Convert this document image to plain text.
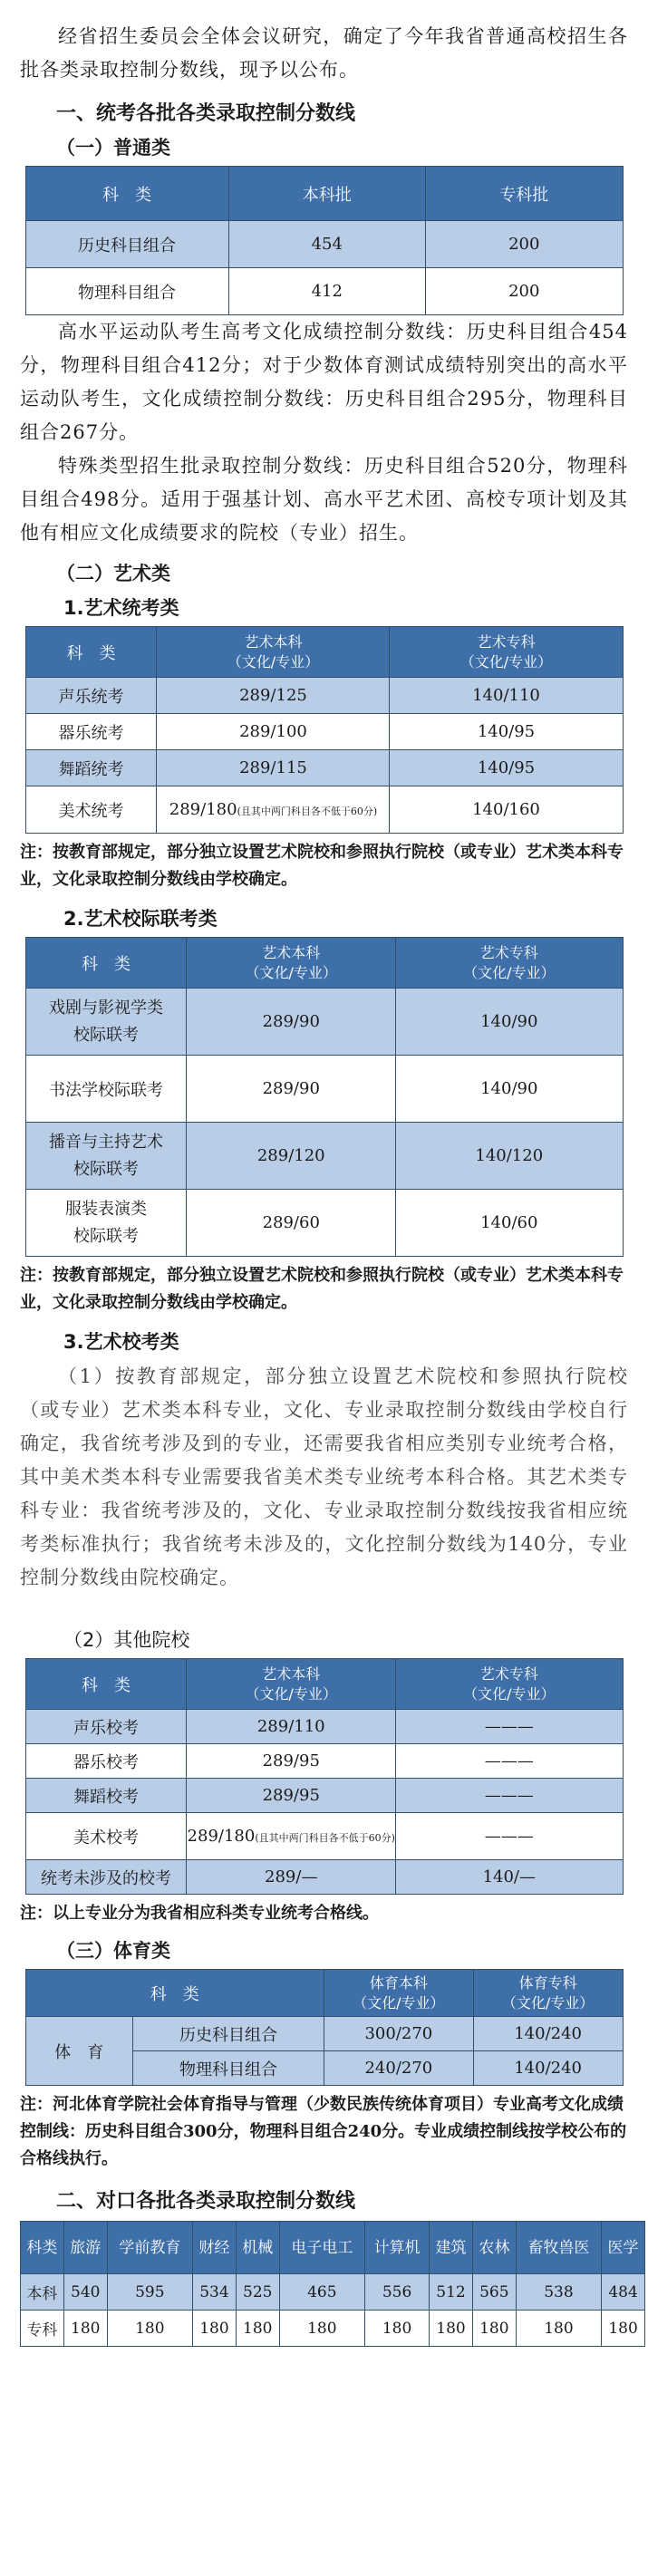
经省招生委员会全体会议研究，确定了今年我省普通高校招生各批各类录取控制分数线，现予以公布。

一、统考各批各类录取控制分数线
（一）普通类
科　类	本科批	专科批
历史科目组合	454	200
物理科目组合	412	200

高水平运动队考生高考文化成绩控制分数线：历史科目组合454分，物理科目组合412分；对于少数体育测试成绩特别突出的高水平运动队考生，文化成绩控制分数线：历史科目组合295分，物理科目组合267分。

特殊类型招生批录取控制分数线：历史科目组合520分，物理科目组合498分。适用于强基计划、高水平艺术团、高校专项计划及其他有相应文化成绩要求的院校（专业）招生。

（二）艺术类
1.艺术统考类
科　类	艺术本科
（文化/专业）	艺术专科
（文化/专业）
声乐统考	289/125	140/110
器乐统考	289/100	140/95
舞蹈统考	289/115	140/95
美术统考	289/180(且其中两门科目各不低于60分)	140/160
注：按教育部规定，部分独立设置艺术院校和参照执行院校（或专业）艺术类本科专业，文化录取控制分数线由学校确定。
2.艺术校际联考类
科　类	艺术本科
（文化/专业）	艺术专科
（文化/专业）
戏剧与影视学类
校际联考	289/90	140/90
书法学校际联考	289/90	140/90
播音与主持艺术
校际联考	289/120	140/120
服装表演类
校际联考	289/60	140/60
注：按教育部规定，部分独立设置艺术院校和参照执行院校（或专业）艺术类本科专业，文化录取控制分数线由学校确定。
3.艺术校考类

（1）按教育部规定，部分独立设置艺术院校和参照执行院校（或专业）艺术类本科专业，文化、专业录取控制分数线由学校自行确定，我省统考涉及到的专业，还需要我省相应类别专业统考合格，其中美术类本科专业需要我省美术类专业统考本科合格。其艺术类专科专业：我省统考涉及的，文化、专业录取控制分数线按我省相应统考类标准执行；我省统考未涉及的，文化控制分数线为140分，专业控制分数线由院校确定。

（2）其他院校
科　类	艺术本科
（文化/专业）	艺术专科
（文化/专业）
声乐校考	289/110	———
器乐校考	289/95	———
舞蹈校考	289/95	———
美术校考	289/180(且其中两门科目各不低于60分)	———
统考未涉及的校考	289/—	140/—
注：以上专业分为我省相应科类专业统考合格线。
（三）体育类
科　类		体育本科
（文化/专业）	体育专科
（文化/专业）
体　育	历史科目组合	300/270	140/240
	物理科目组合	240/270	140/240
注：河北体育学院社会体育指导与管理（少数民族传统体育项目）专业高考文化成绩控制线：历史科目组合300分，物理科目组合240分。专业成绩控制线按学校公布的合格线执行。
二、对口各批各类录取控制分数线
科类	旅游	学前教育	财经	机械	电子电工	计算机	建筑	农林	畜牧兽医	医学
本科	540	595	534	525	465	556	512	565	538	484
专科	180	180	180	180	180	180	180	180	180	180
